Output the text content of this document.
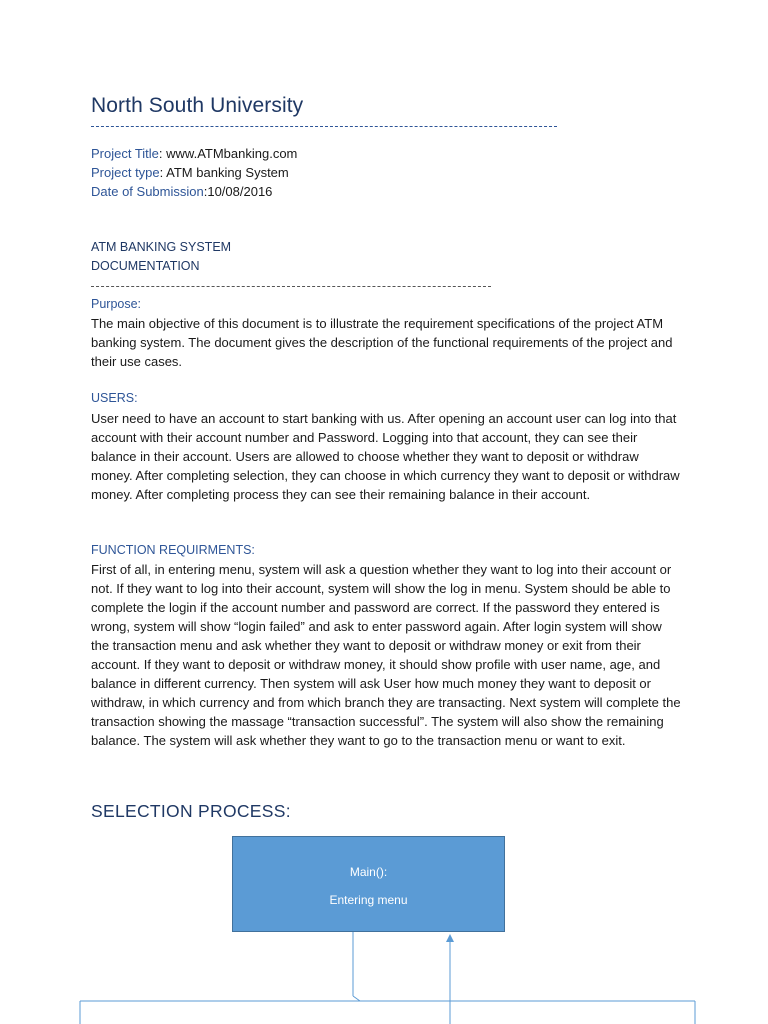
North South University
Project Title: www.ATMbanking.com
Project type: ATM banking System
Date of Submission:10/08/2016
ATM BANKING SYSTEM
DOCUMENTATION
Purpose:
The main objective of this document is to illustrate the requirement specifications of the project ATM banking system. The document gives the description of the functional requirements of the project and their use cases.
USERS:
User need to have an account to start banking with us. After opening an account user can log into that account with their account number and Password. Logging into that account, they can see their balance in their account. Users are allowed to choose whether they want to deposit or withdraw money. After completing selection, they can choose in which currency they want to deposit or withdraw money. After completing process they can see their remaining balance in their account.
FUNCTION REQUIRMENTS:
First of all, in entering menu, system will ask a question whether they want to log into their account or not. If they want to log into their account, system will show the log in menu. System should be able to complete the login if the account number and password are correct. If the password they entered is wrong, system will show “login failed” and ask to enter password again. After login system will show the transaction menu and ask whether they want to deposit or withdraw money or exit from their account. If they want to deposit or withdraw money, it should show profile with user name, age, and balance in different currency. Then system will ask User how much money they want to deposit or withdraw, in which currency and from which branch they are transacting. Next system will complete the transaction showing the massage “transaction successful”. The system will also show the remaining balance. The system will ask whether they want to go to the transaction menu or want to exit.
SELECTION PROCESS:
Main():
Entering menu
